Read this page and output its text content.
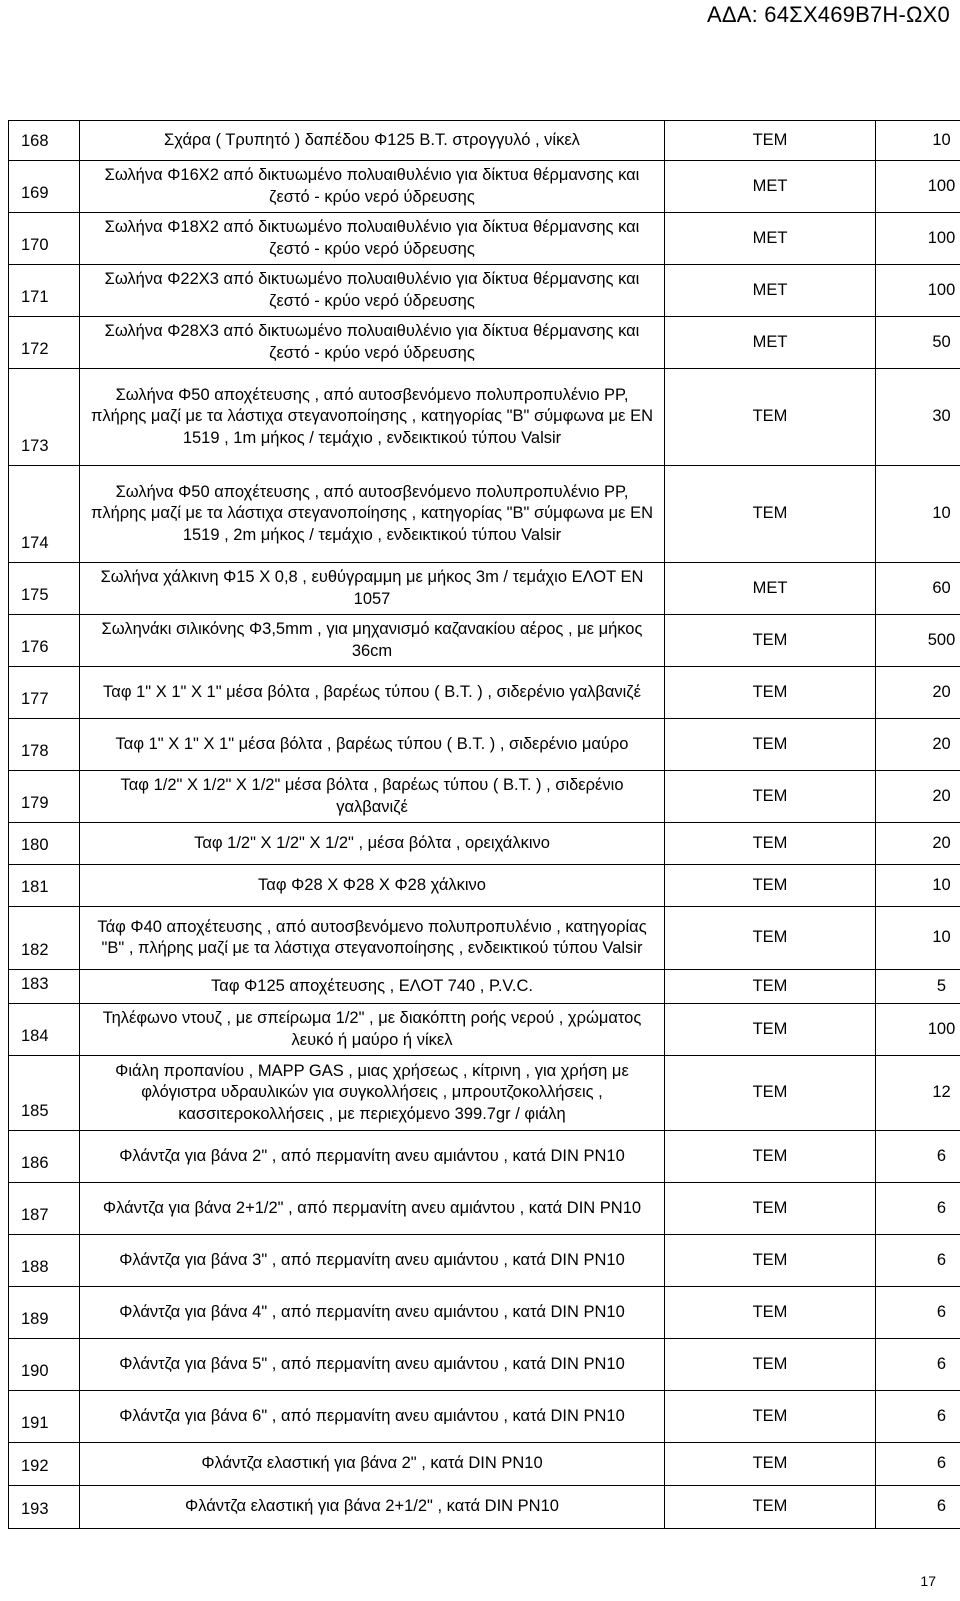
ΑΔΑ: 64ΣΧ469Β7Η-ΩΧ0
168	Σχάρα ( Τρυπητό ) δαπέδου Φ125 Β.Τ. στρογγυλό , νίκελ	ΤΕΜ	10
169	Σωλήνα Φ16Χ2 από δικτυωμένο πολυαιθυλένιο για δίκτυα θέρμανσης και ζεστό - κρύο νερό ύδρευσης	ΜΕΤ	100
170	Σωλήνα Φ18Χ2 από δικτυωμένο πολυαιθυλένιο για δίκτυα θέρμανσης και ζεστό - κρύο νερό ύδρευσης	ΜΕΤ	100
171	Σωλήνα Φ22Χ3 από δικτυωμένο πολυαιθυλένιο για δίκτυα θέρμανσης και ζεστό - κρύο νερό ύδρευσης	ΜΕΤ	100
172	Σωλήνα Φ28Χ3 από δικτυωμένο πολυαιθυλένιο για δίκτυα θέρμανσης και ζεστό - κρύο νερό ύδρευσης	ΜΕΤ	50
173	Σωλήνα Φ50 αποχέτευσης , από αυτοσβενόμενο πολυπροπυλένιο PP, πλήρης μαζί με τα λάστιχα στεγανοποίησης , κατηγορίας "Β" σύμφωνα με ΕΝ 1519 , 1m μήκος / τεμάχιο , ενδεικτικού τύπου Valsir	ΤΕΜ	30
174	Σωλήνα Φ50 αποχέτευσης , από αυτοσβενόμενο πολυπροπυλένιο PP, πλήρης μαζί με τα λάστιχα στεγανοποίησης , κατηγορίας "Β" σύμφωνα με ΕΝ 1519 , 2m μήκος / τεμάχιο , ενδεικτικού τύπου Valsir	ΤΕΜ	10
175	Σωλήνα χάλκινη Φ15 Χ 0,8 , ευθύγραμμη με μήκος 3m / τεμάχιο ΕΛΟΤ ΕΝ 1057	ΜΕΤ	60
176	Σωληνάκι σιλικόνης Φ3,5mm , για μηχανισμό καζανακίου αέρος , με μήκος 36cm	ΤΕΜ	500
177	Ταφ 1" Χ 1" Χ 1" μέσα βόλτα , βαρέως τύπου ( Β.Τ. ) , σιδερένιο γαλβανιζέ	ΤΕΜ	20
178	Ταφ 1" Χ 1" Χ 1" μέσα βόλτα , βαρέως τύπου ( Β.Τ. ) , σιδερένιο μαύρο	ΤΕΜ	20
179	Ταφ 1/2" Χ 1/2" Χ 1/2" μέσα βόλτα , βαρέως τύπου ( Β.Τ. ) , σιδερένιο γαλβανιζέ	ΤΕΜ	20
180	Ταφ 1/2" Χ 1/2" Χ 1/2" , μέσα βόλτα , ορειχάλκινο	ΤΕΜ	20
181	Ταφ Φ28 Χ Φ28 Χ Φ28 χάλκινο	ΤΕΜ	10
182	Τάφ Φ40 αποχέτευσης , από αυτοσβενόμενο πολυπροπυλένιο , κατηγορίας "Β" , πλήρης μαζί με τα λάστιχα στεγανοποίησης , ενδεικτικού τύπου Valsir	ΤΕΜ	10
183	Ταφ Φ125 αποχέτευσης , ΕΛΟΤ 740 , P.V.C.	ΤΕΜ	5
184	Τηλέφωνο ντουζ , με σπείρωμα 1/2" , με διακόπτη ροής νερού , χρώματος λευκό ή μαύρο ή νίκελ	ΤΕΜ	100
185	Φιάλη προπανίου , MAPP GAS , μιας χρήσεως , κίτρινη , για χρήση με φλόγιστρα υδραυλικών για συγκολλήσεις , μπρουτζοκολλήσεις , κασσιτεροκολλήσεις , με περιεχόμενο 399.7gr / φιάλη	ΤΕΜ	12
186	Φλάντζα για βάνα 2" , από περμανίτη ανευ αμιάντου , κατά DIN PN10	ΤΕΜ	6
187	Φλάντζα για βάνα 2+1/2" , από περμανίτη ανευ αμιάντου , κατά DIN PN10	ΤΕΜ	6
188	Φλάντζα για βάνα 3" , από περμανίτη ανευ αμιάντου , κατά DIN PN10	ΤΕΜ	6
189	Φλάντζα για βάνα 4" , από περμανίτη ανευ αμιάντου , κατά DIN PN10	ΤΕΜ	6
190	Φλάντζα για βάνα 5" , από περμανίτη ανευ αμιάντου , κατά DIN PN10	ΤΕΜ	6
191	Φλάντζα για βάνα 6" , από περμανίτη ανευ αμιάντου , κατά DIN PN10	ΤΕΜ	6
192	Φλάντζα ελαστική για βάνα 2" , κατά DIN PN10	ΤΕΜ	6
193	Φλάντζα ελαστική για βάνα 2+1/2" , κατά DIN PN10	ΤΕΜ	6
17
